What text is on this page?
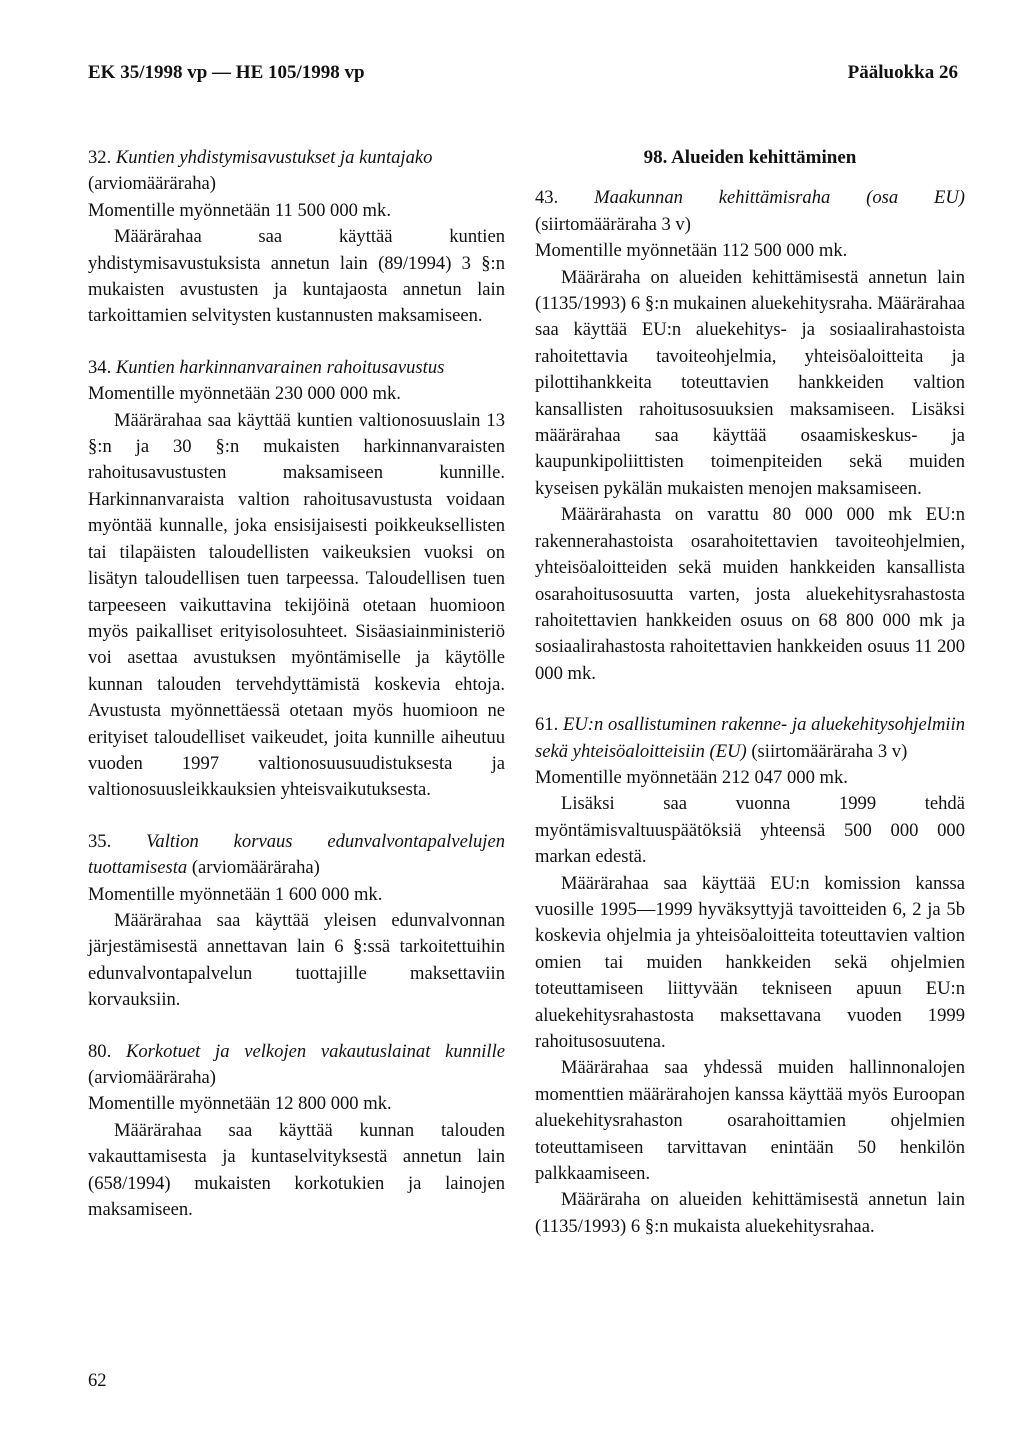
EK 35/1998 vp — HE 105/1998 vp	Pääluokka 26

32. Kuntien yhdistymisavustukset ja kuntajako (arviomääräraha)

Momentille myönnetään 11 500 000 mk.

Määrärahaa saa käyttää kuntien yhdistymisavustuksista annetun lain (89/1994) 3 §:n mukaisten avustusten ja kuntajaosta annetun lain tarkoittamien selvitysten kustannusten maksamiseen.

34. Kuntien harkinnanvarainen rahoitusavustus

Momentille myönnetään 230 000 000 mk.

Määrärahaa saa käyttää kuntien valtionosuuslain 13 §:n ja 30 §:n mukaisten harkinnanvaraisten rahoitusavustusten maksamiseen kunnille. Harkinnanvaraista valtion rahoitusavustusta voidaan myöntää kunnalle, joka ensisijaisesti poikkeuksellisten tai tilapäisten taloudellisten vaikeuksien vuoksi on lisätyn taloudellisen tuen tarpeessa. Taloudellisen tuen tarpeeseen vaikuttavina tekijöinä otetaan huomioon myös paikalliset erityisolosuhteet. Sisäasiainministeriö voi asettaa avustuksen myöntämiselle ja käytölle kunnan talouden tervehdyttämistä koskevia ehtoja. Avustusta myönnettäessä otetaan myös huomioon ne erityiset taloudelliset vaikeudet, joita kunnille aiheutuu vuoden 1997 valtionosuusuudistuksesta ja valtionosuusleikkauksien yhteisvaikutuksesta.

35. Valtion korvaus edunvalvontapalvelujen tuottamisesta (arviomääräraha)

Momentille myönnetään 1 600 000 mk.

Määrärahaa saa käyttää yleisen edunvalvonnan järjestämisestä annettavan lain 6 §:ssä tarkoitettuihin edunvalvontapalvelun tuottajille maksettaviin korvauksiin.

80. Korkotuet ja velkojen vakautuslainat kunnille (arviomääräraha)

Momentille myönnetään 12 800 000 mk.

Määrärahaa saa käyttää kunnan talouden vakauttamisesta ja kuntaselvityksestä annetun lain (658/1994) mukaisten korkotukien ja lainojen maksamiseen.

98. Alueiden kehittäminen

43. Maakunnan kehittämisraha (osa EU) (siirtomääräraha 3 v)

Momentille myönnetään 112 500 000 mk.

Määräraha on alueiden kehittämisestä annetun lain (1135/1993) 6 §:n mukainen aluekehitysraha. Määrärahaa saa käyttää EU:n aluekehitys- ja sosiaalirahastoista rahoitettavia tavoiteohjelmia, yhteisöaloitteita ja pilottihankkeita toteuttavien hankkeiden valtion kansallisten rahoitusosuuksien maksamiseen. Lisäksi määrärahaa saa käyttää osaamiskeskus- ja kaupunkipoliittisten toimenpiteiden sekä muiden kyseisen pykälän mukaisten menojen maksamiseen.

Määrärahasta on varattu 80 000 000 mk EU:n rakennerahastoista osarahoitettavien tavoiteohjelmien, yhteisöaloitteiden sekä muiden hankkeiden kansallista osarahoitusosuutta varten, josta aluekehitysrahastosta rahoitettavien hankkeiden osuus on 68 800 000 mk ja sosiaalirahastosta rahoitettavien hankkeiden osuus 11 200 000 mk.

61. EU:n osallistuminen rakenne- ja aluekehitysohjelmiin sekä yhteisöaloitteisiin (EU) (siirtomääräraha 3 v)

Momentille myönnetään 212 047 000 mk.

Lisäksi saa vuonna 1999 tehdä myöntämisvaltuuspäätöksiä yhteensä 500 000 000 markan edestä.

Määrärahaa saa käyttää EU:n komission kanssa vuosille 1995—1999 hyväksyttyjä tavoitteiden 6, 2 ja 5b koskevia ohjelmia ja yhteisöaloitteita toteuttavien valtion omien tai muiden hankkeiden sekä ohjelmien toteuttamiseen liittyvään tekniseen apuun EU:n aluekehitysrahastosta maksettavana vuoden 1999 rahoitusosuutena.

Määrärahaa saa yhdessä muiden hallinnonalojen momenttien määrärahojen kanssa käyttää myös Euroopan aluekehitysrahaston osarahoittamien ohjelmien toteuttamiseen tarvittavan enintään 50 henkilön palkkaamiseen.

Määräraha on alueiden kehittämisestä annetun lain (1135/1993) 6 §:n mukaista aluekehitysrahaa.

62
